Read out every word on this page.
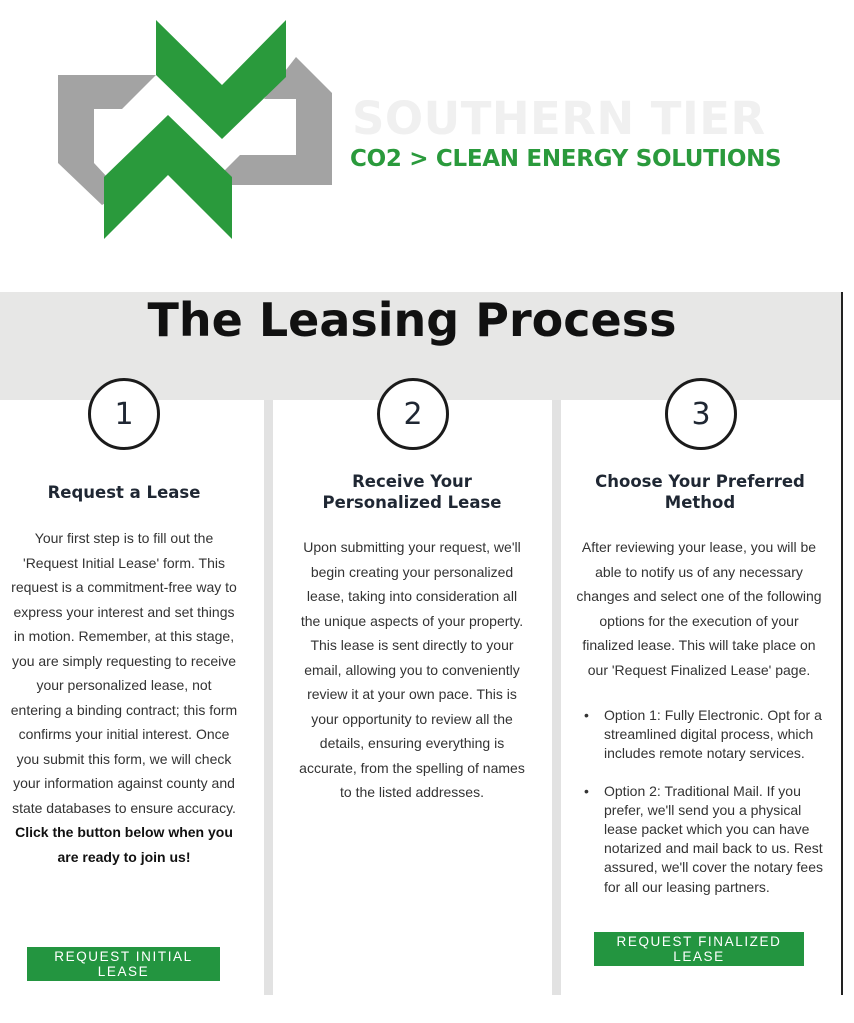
SOUTHERN TIER
CO2 > CLEAN ENERGY SOLUTIONS
The Leasing Process
1
Request a Lease
Your first step is to fill out the 'Request Initial Lease' form. This request is a commitment-free way to express your interest and set things in motion. Remember, at this stage, you are simply requesting to receive your personalized lease, not entering a binding contract; this form confirms your initial interest. Once you submit this form, we will check your information against county and state databases to ensure accuracy. Click the button below when you are ready to join us!
REQUEST INITIAL LEASE
2
Receive Your Personalized Lease
Upon submitting your request, we'll begin creating your personalized lease, taking into consideration all the unique aspects of your property. This lease is sent directly to your email, allowing you to conveniently review it at your own pace. This is your opportunity to review all the details, ensuring everything is accurate, from the spelling of names to the listed addresses.
3
Choose Your Preferred Method
After reviewing your lease, you will be able to notify us of any necessary changes and select one of the following options for the execution of your finalized lease. This will take place on our 'Request Finalized Lease' page.
• Option 1: Fully Electronic. Opt for a streamlined digital process, which includes remote notary services.
• Option 2: Traditional Mail. If you prefer, we'll send you a physical lease packet which you can have notarized and mail back to us. Rest assured, we'll cover the notary fees for all our leasing partners.
REQUEST FINALIZED LEASE
